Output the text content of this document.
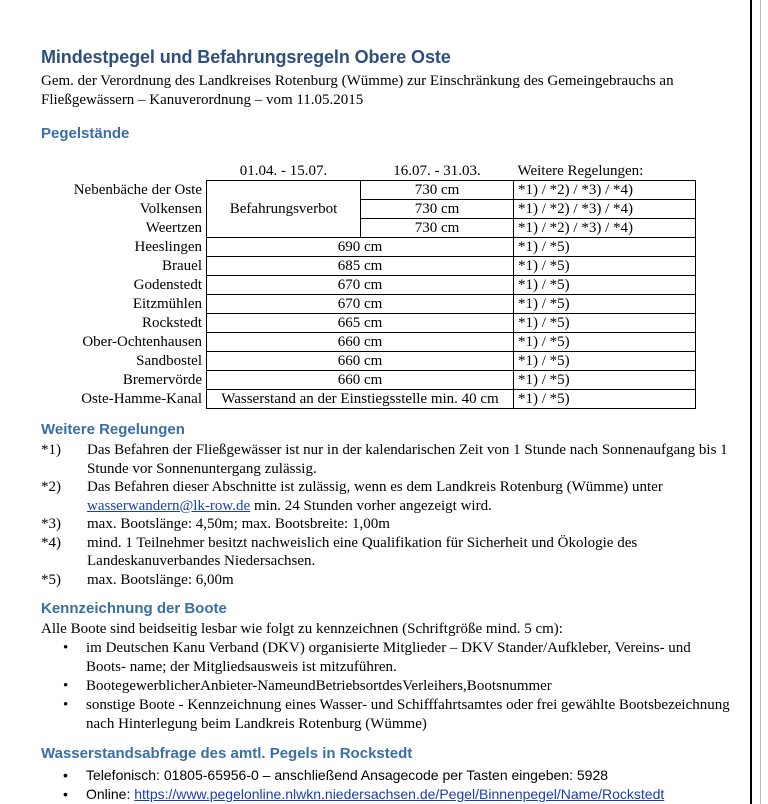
Mindestpegel und Befahrungsregeln Obere Oste
Gem. der Verordnung des Landkreises Rotenburg (Wümme) zur Einschränkung des Gemeingebrauchs an Fließgewässern – Kanuverordnung – vom 11.05.2015
Pegelstände
	01.04. - 15.07.	16.07. - 31.03.	Weitere Regelungen:
Nebenbäche der Oste	Befahrungsverbot	730 cm	*1) / *2) / *3) / *4)
Volkensen		730 cm	*1) / *2) / *3) / *4)
Weertzen		730 cm	*1) / *2) / *3) / *4)
Heeslingen	690 cm		*1) / *5)
Brauel	685 cm		*1) / *5)
Godenstedt	670 cm		*1) / *5)
Eitzmühlen	670 cm		*1) / *5)
Rockstedt	665 cm		*1) / *5)
Ober-Ochtenhausen	660 cm		*1) / *5)
Sandbostel	660 cm		*1) / *5)
Bremervörde	660 cm		*1) / *5)
Oste-Hamme-Kanal	Wasserstand an der Einstiegsstelle min. 40 cm		*1) / *5)
Weitere Regelungen
*1)	Das Befahren der Fließgewässer ist nur in der kalendarischen Zeit von 1 Stunde nach Sonnenaufgang bis 1 Stunde vor Sonnenuntergang zulässig.
*2)	Das Befahren dieser Abschnitte ist zulässig, wenn es dem Landkreis Rotenburg (Wümme) unter wasserwandern@lk-row.de min. 24 Stunden vorher angezeigt wird.
*3)	max. Bootslänge: 4,50m; max. Bootsbreite: 1,00m
*4)	mind. 1 Teilnehmer besitzt nachweislich eine Qualifikation für Sicherheit und Ökologie des Landeskanuverbandes Niedersachsen.
*5)	max. Bootslänge: 6,00m
Kennzeichnung der Boote
Alle Boote sind beidseitig lesbar wie folgt zu kennzeichnen (Schriftgröße mind. 5 cm):
• im Deutschen Kanu Verband (DKV) organisierte Mitglieder – DKV Stander/Aufkleber, Vereins- und Boots- name; der Mitgliedsausweis ist mitzuführen.
• BootegewerblicherAnbieter-NameundBetriebsortdesVerleihers,Bootsnummer
• sonstige Boote - Kennzeichnung eines Wasser- und Schifffahrtsamtes oder frei gewählte Bootsbezeichnung nach Hinterlegung beim Landkreis Rotenburg (Wümme)
Wasserstandsabfrage des amtl. Pegels in Rockstedt
• Telefonisch: 01805-65956-0 – anschließend Ansagecode per Tasten eingeben: 5928
• Online: https://www.pegelonline.nlwkn.niedersachsen.de/Pegel/Binnenpegel/Name/Rockstedt
